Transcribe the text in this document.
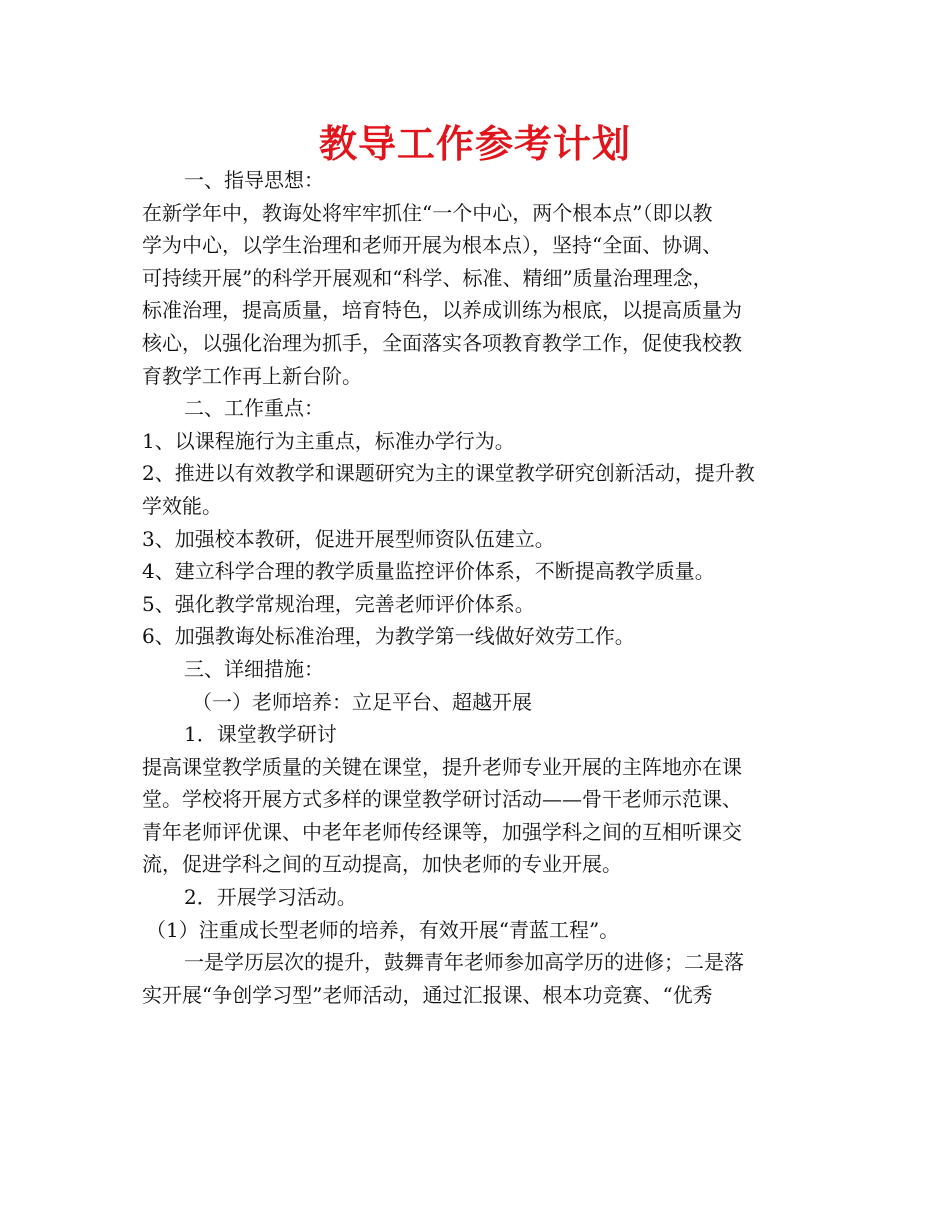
教导工作参考计划

一、指导思想：

在新学年中，教诲处将牢牢抓住“一个中心，两个根本点”（即以教

学为中心，以学生治理和老师开展为根本点），坚持“全面、协调、

可持续开展”的科学开展观和“科学、标准、精细”质量治理理念，

标准治理，提高质量，培育特色，以养成训练为根底，以提高质量为

核心，以强化治理为抓手，全面落实各项教育教学工作，促使我校教

育教学工作再上新台阶。

二、工作重点：

1、以课程施行为主重点，标准办学行为。

2、推进以有效教学和课题研究为主的课堂教学研究创新活动，提升教

学效能。

3、加强校本教研，促进开展型师资队伍建立。

4、建立科学合理的教学质量监控评价体系，不断提高教学质量。

5、强化教学常规治理，完善老师评价体系。

6、加强教诲处标准治理，为教学第一线做好效劳工作。

三、详细措施：

（一）老师培养：立足平台、超越开展

1．课堂教学研讨

提高课堂教学质量的关键在课堂，提升老师专业开展的主阵地亦在课

堂。学校将开展方式多样的课堂教学研讨活动——骨干老师示范课、

青年老师评优课、中老年老师传经课等，加强学科之间的互相听课交

流，促进学科之间的互动提高，加快老师的专业开展。

2．开展学习活动。

（1）注重成长型老师的培养，有效开展“青蓝工程”。

一是学历层次的提升，鼓舞青年老师参加高学历的进修；二是落

实开展“争创学习型”老师活动，通过汇报课、根本功竞赛、“优秀
